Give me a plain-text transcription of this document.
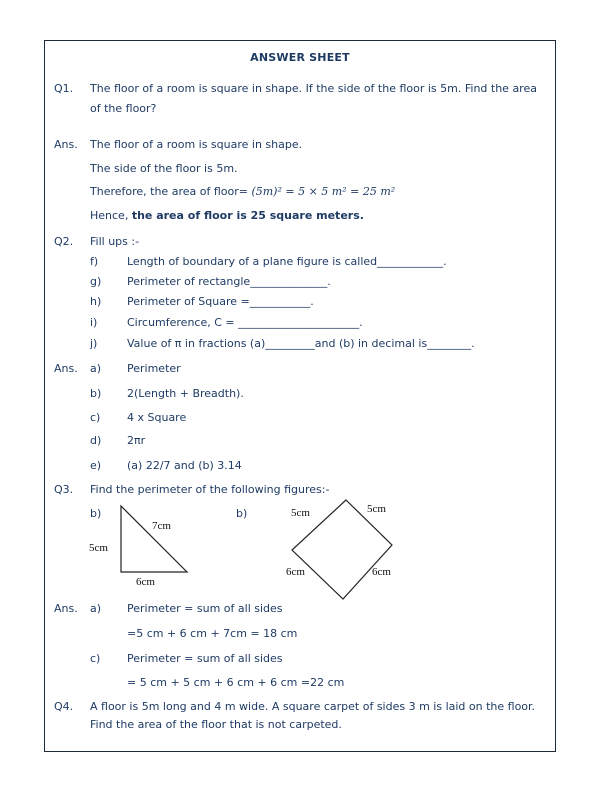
ANSWER SHEET
Q1. The floor of a room is square in shape. If the side of the floor is 5m. Find the area of the floor?
Ans. The floor of a room is square in shape.
The side of the floor is 5m.
Therefore, the area of floor= (5m)² = 5 × 5 m² = 25 m²
Hence, the area of floor is 25 square meters.
Q2. Fill ups :-
f)	Length of boundary of a plane figure is called____________.
g) Perimeter of rectangle______________.
h) Perimeter of Square =___________.
i)	Circumference, C = ______________________.
j)	Value of π in fractions (a)_________and (b) in decimal is________.
Ans. a) Perimeter
b) 2(Length + Breadth).
c) 4 x Square
d) 2πr
e) (a) 22/7 and (b) 3.14
Q3. Find the perimeter of the following figures:-
b)
7cm
5cm
6cm
b)	5cm	5cm
6cm	6cm
Ans. a) Perimeter = sum of all sides
=5 cm + 6 cm + 7cm = 18 cm
c) Perimeter = sum of all sides
= 5 cm + 5 cm + 6 cm + 6 cm =22 cm
Q4. A floor is 5m long and 4 m wide. A square carpet of sides 3 m is laid on the floor. Find the area of the floor that is not carpeted.
